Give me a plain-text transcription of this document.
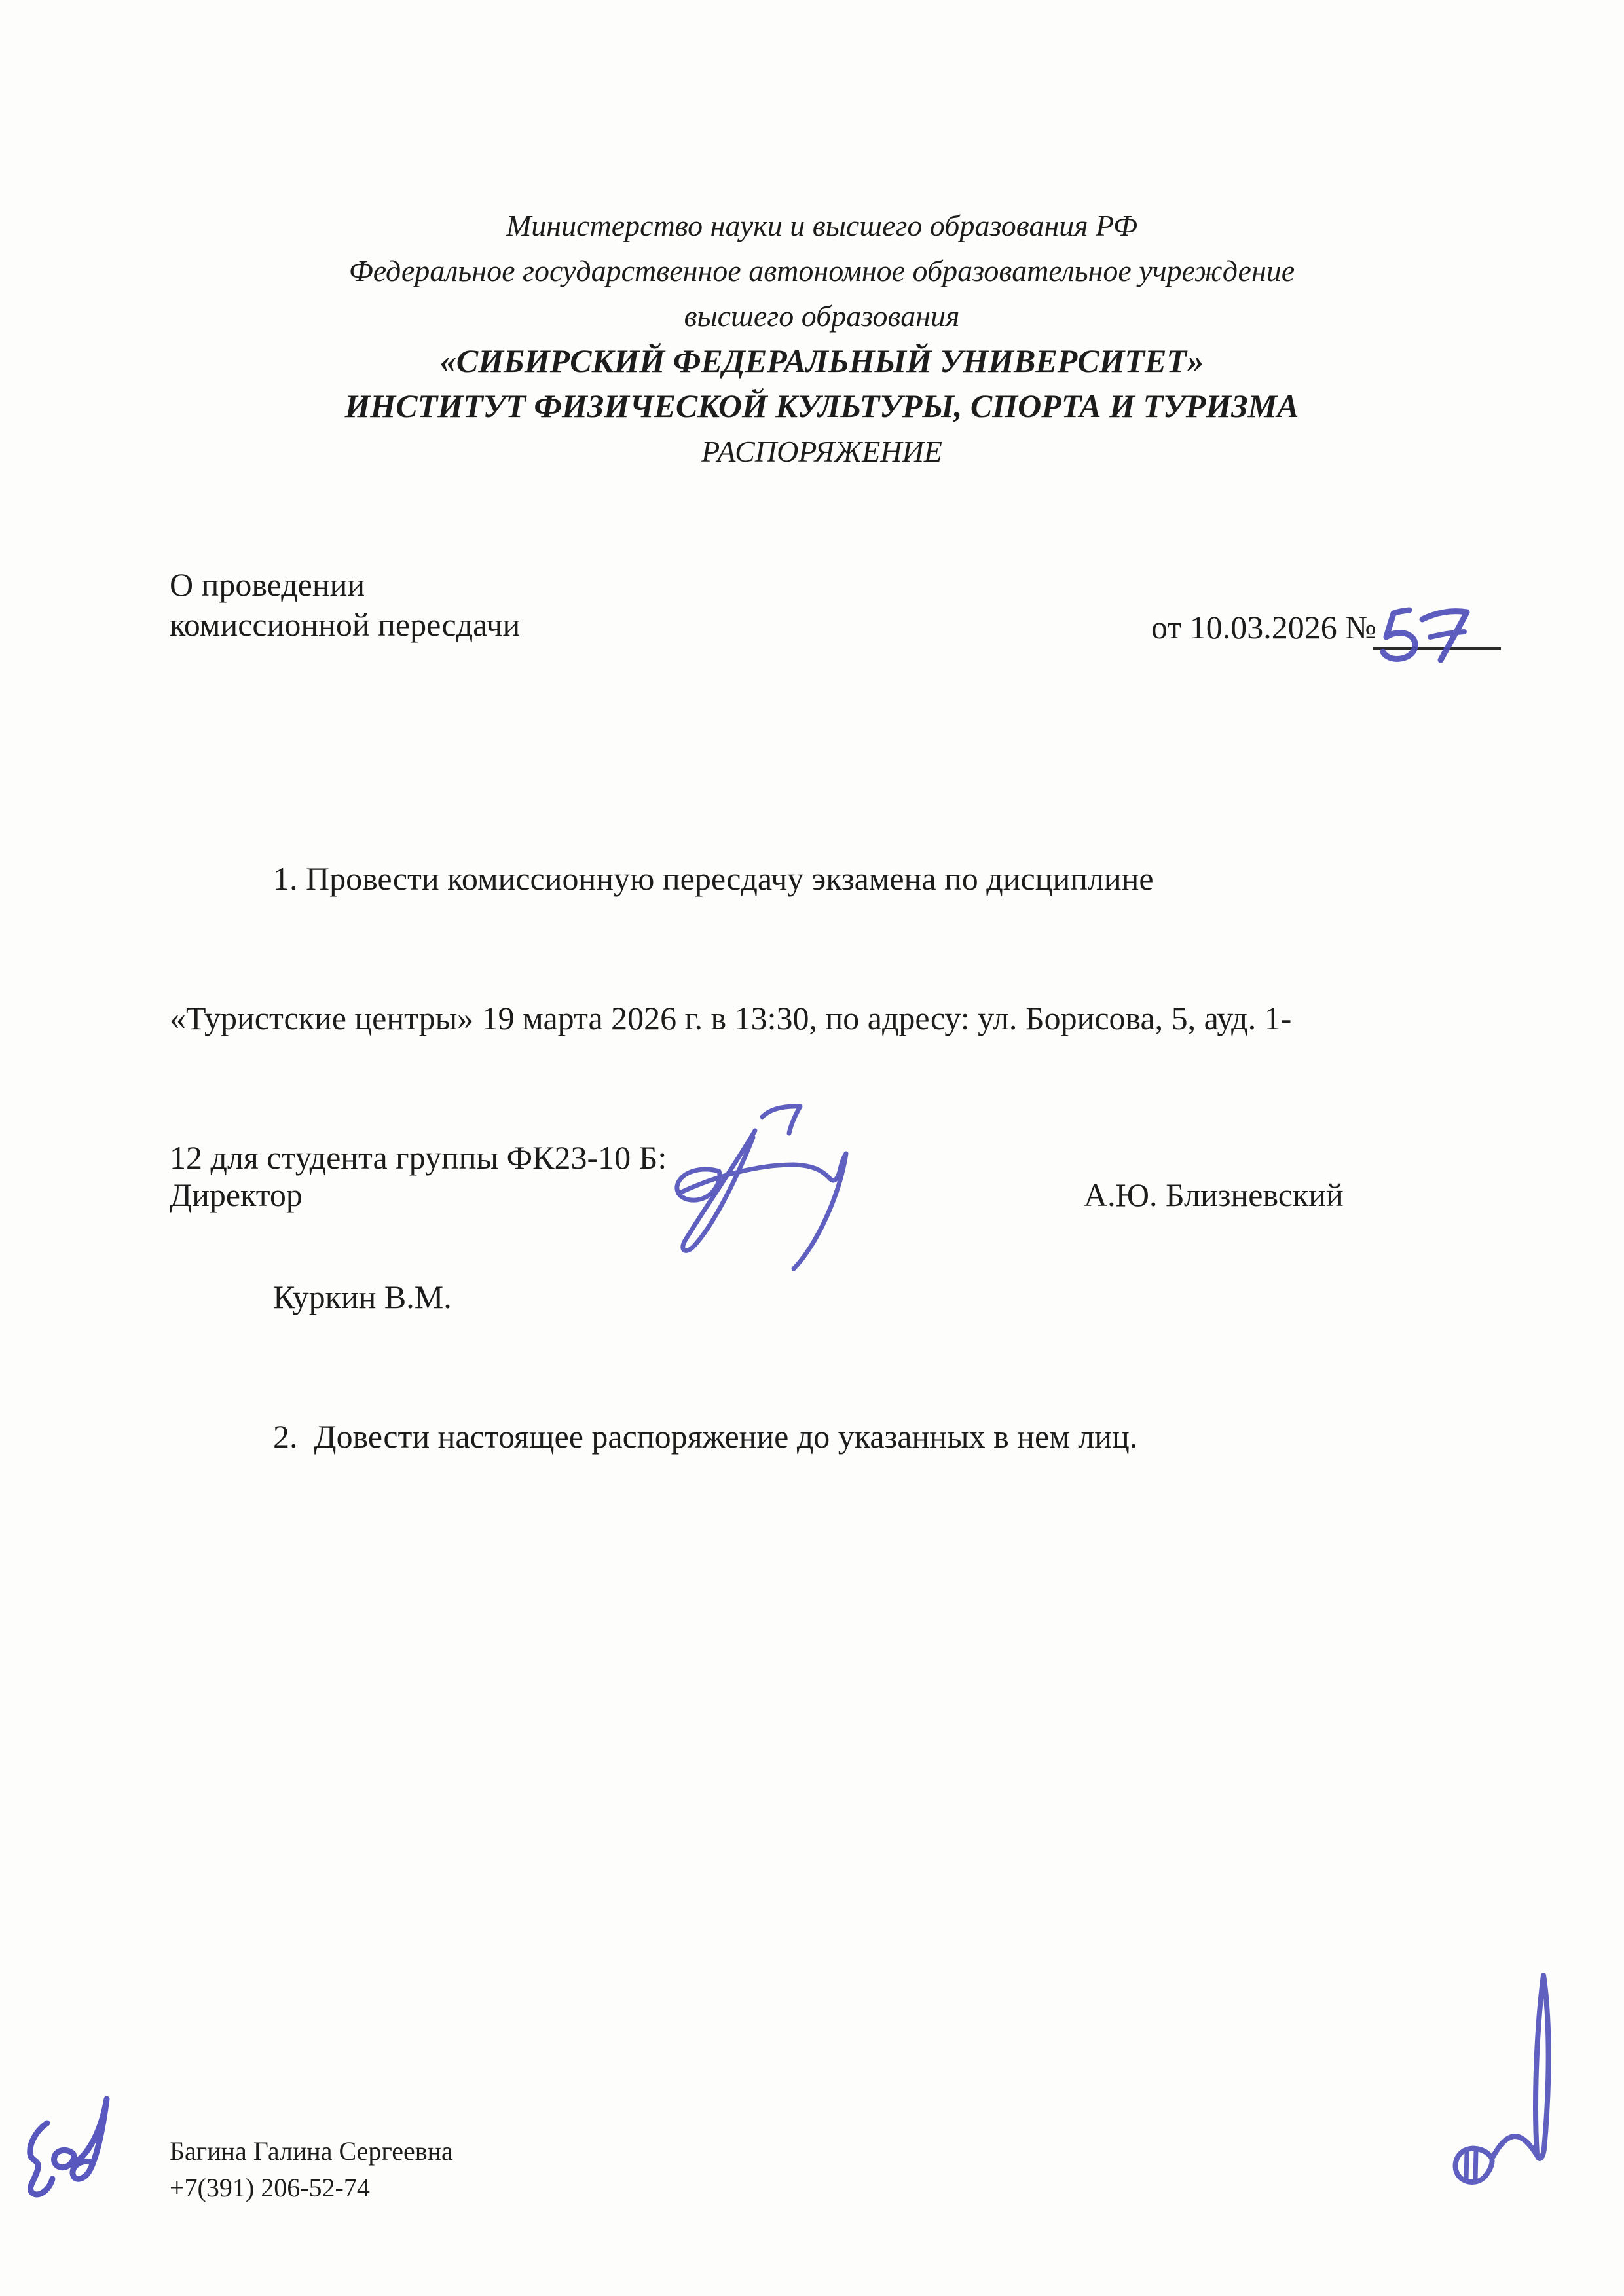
Министерство науки и высшего образования РФ
Федеральное государственное автономное образовательное учреждение
высшего образования
«СИБИРСКИЙ ФЕДЕРАЛЬНЫЙ УНИВЕРСИТЕТ»
ИНСТИТУТ ФИЗИЧЕСКОЙ КУЛЬТУРЫ, СПОРТА И ТУРИЗМА
РАСПОРЯЖЕНИЕ
О проведении
комиссионной пересдачи	от 10.03.2026 №

1. Провести комиссионную пересдачу экзамена по дисциплине

«Туристские центры» 19 марта 2026 г. в 13:30, по адресу: ул. Борисова, 5, ауд. 1-

12 для студента группы ФК23-10 Б:

Куркин В.М.

2.  Довести настоящее распоряжение до указанных в нем лиц.

Директор	А.Ю. Близневский
Багина Галина Сергеевна
+7(391) 206-52-74
